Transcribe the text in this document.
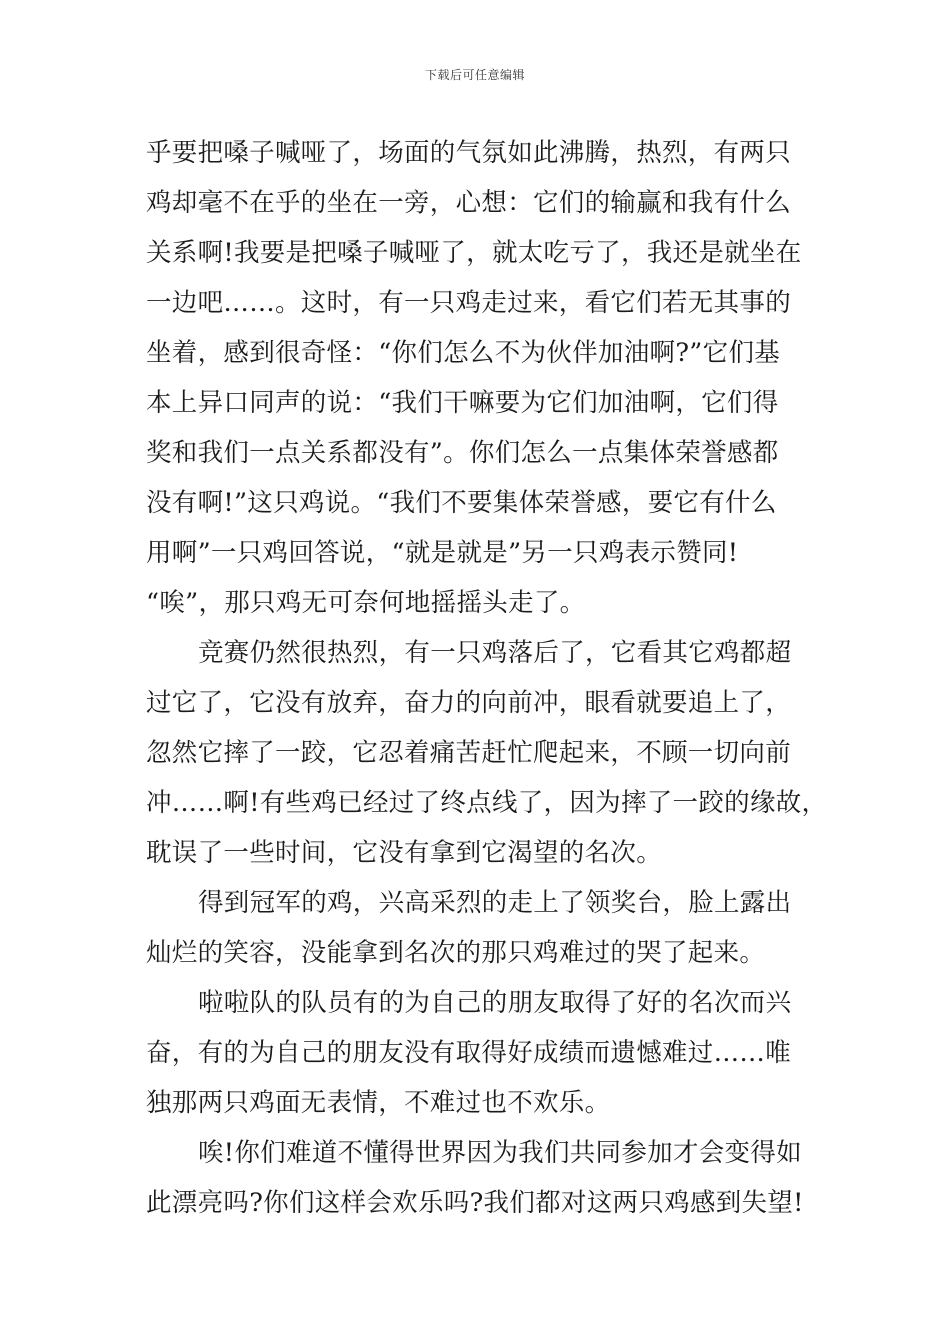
下载后可任意编辑
乎要把嗓子喊哑了，场面的气氛如此沸腾，热烈，有两只
鸡却毫不在乎的坐在一旁，心想：它们的输赢和我有什么
关系啊!我要是把嗓子喊哑了，就太吃亏了，我还是就坐在
一边吧……。这时，有一只鸡走过来，看它们若无其事的
坐着，感到很奇怪：“你们怎么不为伙伴加油啊?”它们基
本上异口同声的说：“我们干嘛要为它们加油啊，它们得
奖和我们一点关系都没有”。你们怎么一点集体荣誉感都
没有啊!”这只鸡说。“我们不要集体荣誉感，要它有什么
用啊”一只鸡回答说，“就是就是”另一只鸡表示赞同!
“唉”，那只鸡无可奈何地摇摇头走了。
竞赛仍然很热烈，有一只鸡落后了，它看其它鸡都超
过它了，它没有放弃，奋力的向前冲，眼看就要追上了，
忽然它摔了一跤，它忍着痛苦赶忙爬起来，不顾一切向前
冲……啊!有些鸡已经过了终点线了，因为摔了一跤的缘故，
耽误了一些时间，它没有拿到它渴望的名次。
得到冠军的鸡，兴高采烈的走上了领奖台，脸上露出
灿烂的笑容，没能拿到名次的那只鸡难过的哭了起来。
啦啦队的队员有的为自己的朋友取得了好的名次而兴
奋，有的为自己的朋友没有取得好成绩而遗憾难过……唯
独那两只鸡面无表情，不难过也不欢乐。
唉!你们难道不懂得世界因为我们共同参加才会变得如
此漂亮吗?你们这样会欢乐吗?我们都对这两只鸡感到失望!
